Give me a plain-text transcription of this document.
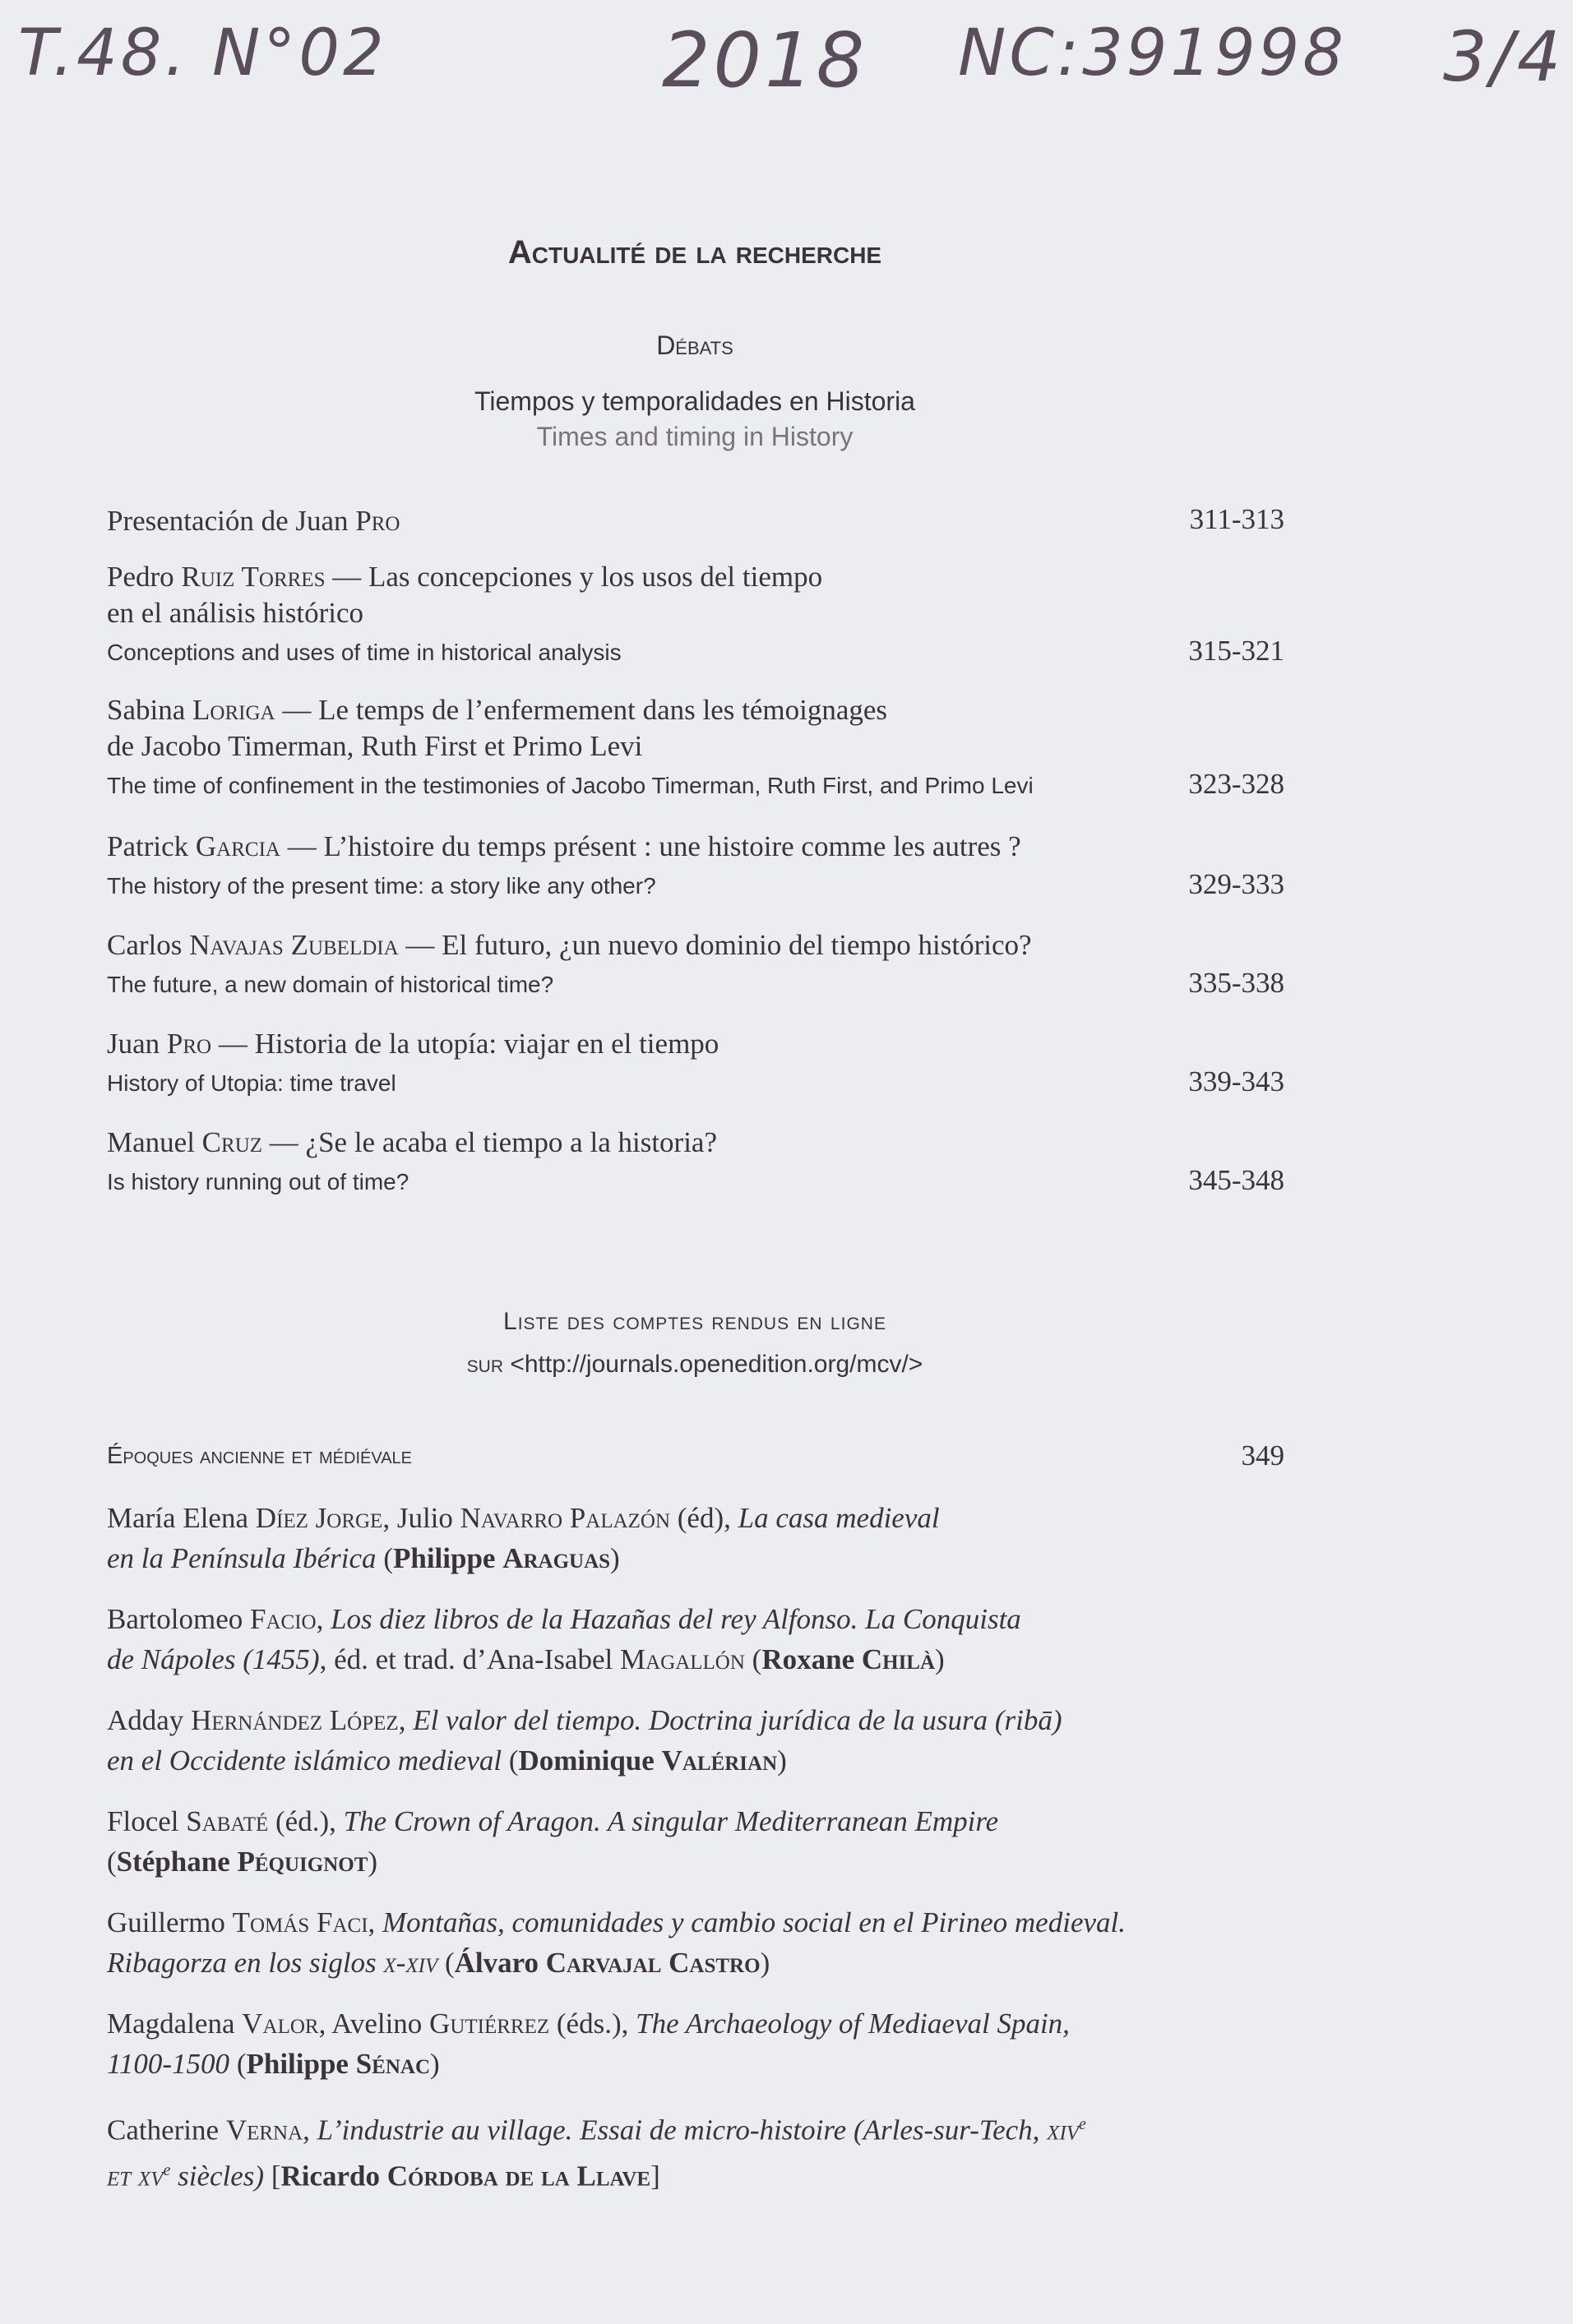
T.48. N°02	2018 NC:391998 3/4
Actualité de la recherche
Débats
Tiempos y temporalidades en Historia
Times and timing in History
Presentación de Juan Pro	311-313
Pedro Ruiz Torres — Las concepciones y los usos del tiempo
en el análisis histórico
Conceptions and uses of time in historical analysis	315-321
Sabina Loriga — Le temps de l’enfermement dans les témoignages
de Jacobo Timerman, Ruth First et Primo Levi
The time of confinement in the testimonies of Jacobo Timerman, Ruth First, and Primo Levi	323-328
Patrick Garcia — L’histoire du temps présent : une histoire comme les autres ?
The history of the present time: a story like any other?	329-333
Carlos Navajas Zubeldia — El futuro, ¿un nuevo dominio del tiempo histórico?
The future, a new domain of historical time?	335-338
Juan Pro — Historia de la utopía: viajar en el tiempo
History of Utopia: time travel	339-343
Manuel Cruz — ¿Se le acaba el tiempo a la historia?
Is history running out of time?	345-348
Liste des comptes rendus en ligne
sur <http://journals.openedition.org/mcv/>
Époques ancienne et médiévale	349
María Elena Díez Jorge, Julio Navarro Palazón (éd), La casa medieval
en la Península Ibérica (Philippe Araguas)
Bartolomeo Facio, Los diez libros de la Hazañas del rey Alfonso. La Conquista
de Nápoles (1455), éd. et trad. d’Ana-Isabel Magallón (Roxane Chilà)
Adday Hernández López, El valor del tiempo. Doctrina jurídica de la usura (ribā)
en el Occidente islámico medieval (Dominique Valérian)
Flocel Sabaté (éd.), The Crown of Aragon. A singular Mediterranean Empire
(Stéphane Péquignot)
Guillermo Tomás Faci, Montañas, comunidades y cambio social en el Pirineo medieval.
Ribagorza en los siglos x-xiv (Álvaro Carvajal Castro)
Magdalena Valor, Avelino Gutiérrez (éds.), The Archaeology of Mediaeval Spain,
1100-1500 (Philippe Sénac)
Catherine Verna, L’industrie au village. Essai de micro-histoire (Arles-sur-Tech, xiv$^e$
et $xv^e$ siècles) [Ricardo Córdoba de la Llave]
